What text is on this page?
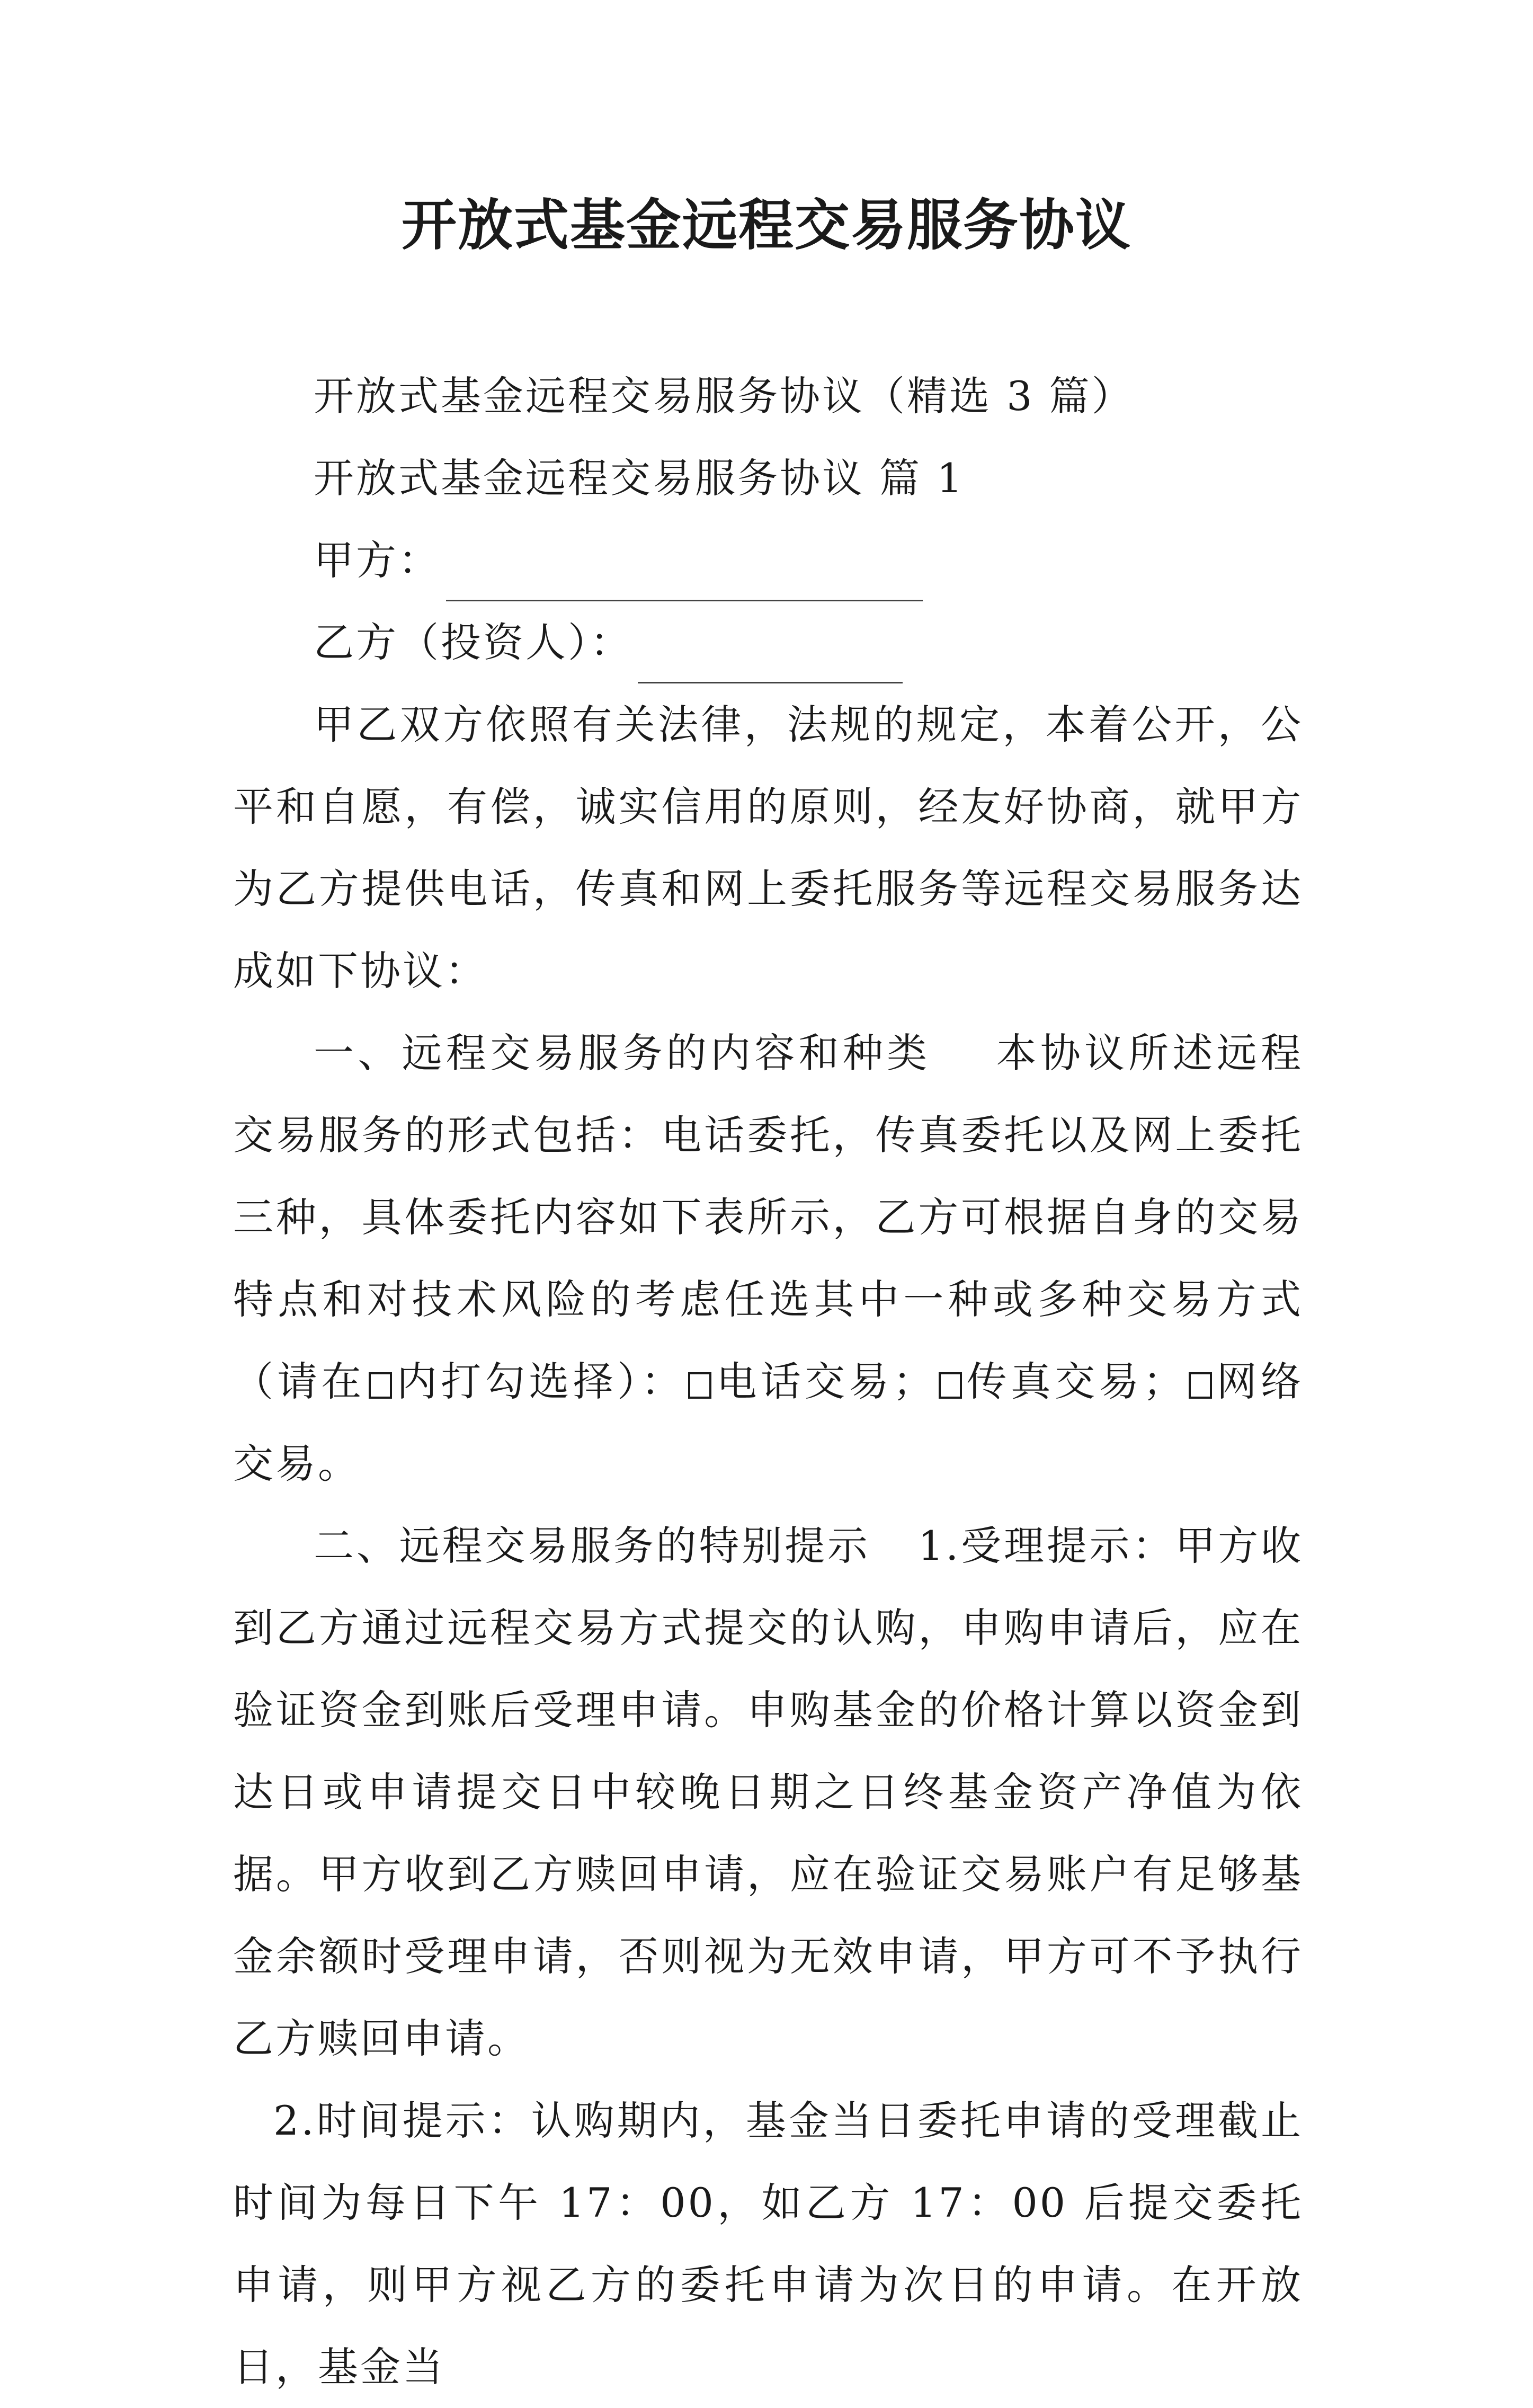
开放式基金远程交易服务协议

开放式基金远程交易服务协议（精选 3 篇）

开放式基金远程交易服务协议 篇 1

甲方：

乙方（投资人）：

甲乙双方依照有关法律，法规的规定，本着公开，公平和自愿，有偿，诚实信用的原则，经友好协商，就甲方为乙方提供电话，传真和网上委托服务等远程交易服务达成如下协议：

一、远程交易服务的内容和种类 本协议所述远程交易服务的形式包括：电话委托，传真委托以及网上委托三种，具体委托内容如下表所示，乙方可根据自身的交易特点和对技术风险的考虑任选其中一种或多种交易方式（请在 内打勾选择）： 电话交易； 传真交易； 网络交易。

二、远程交易服务的特别提示 1.受理提示：甲方收到乙方通过远程交易方式提交的认购，申购申请后，应在验证资金到账后受理申请。申购基金的价格计算以资金到达日或申请提交日中较晚日期之日终基金资产净值为依据。甲方收到乙方赎回申请，应在验证交易账户有足够基金余额时受理申请，否则视为无效申请，甲方可不予执行乙方赎回申请。

2.时间提示：认购期内，基金当日委托申请的受理截止时间为每日下午 17：00，如乙方 17：00 后提交委托申请，则甲方视乙方的委托申请为次日的申请。在开放日，基金当
